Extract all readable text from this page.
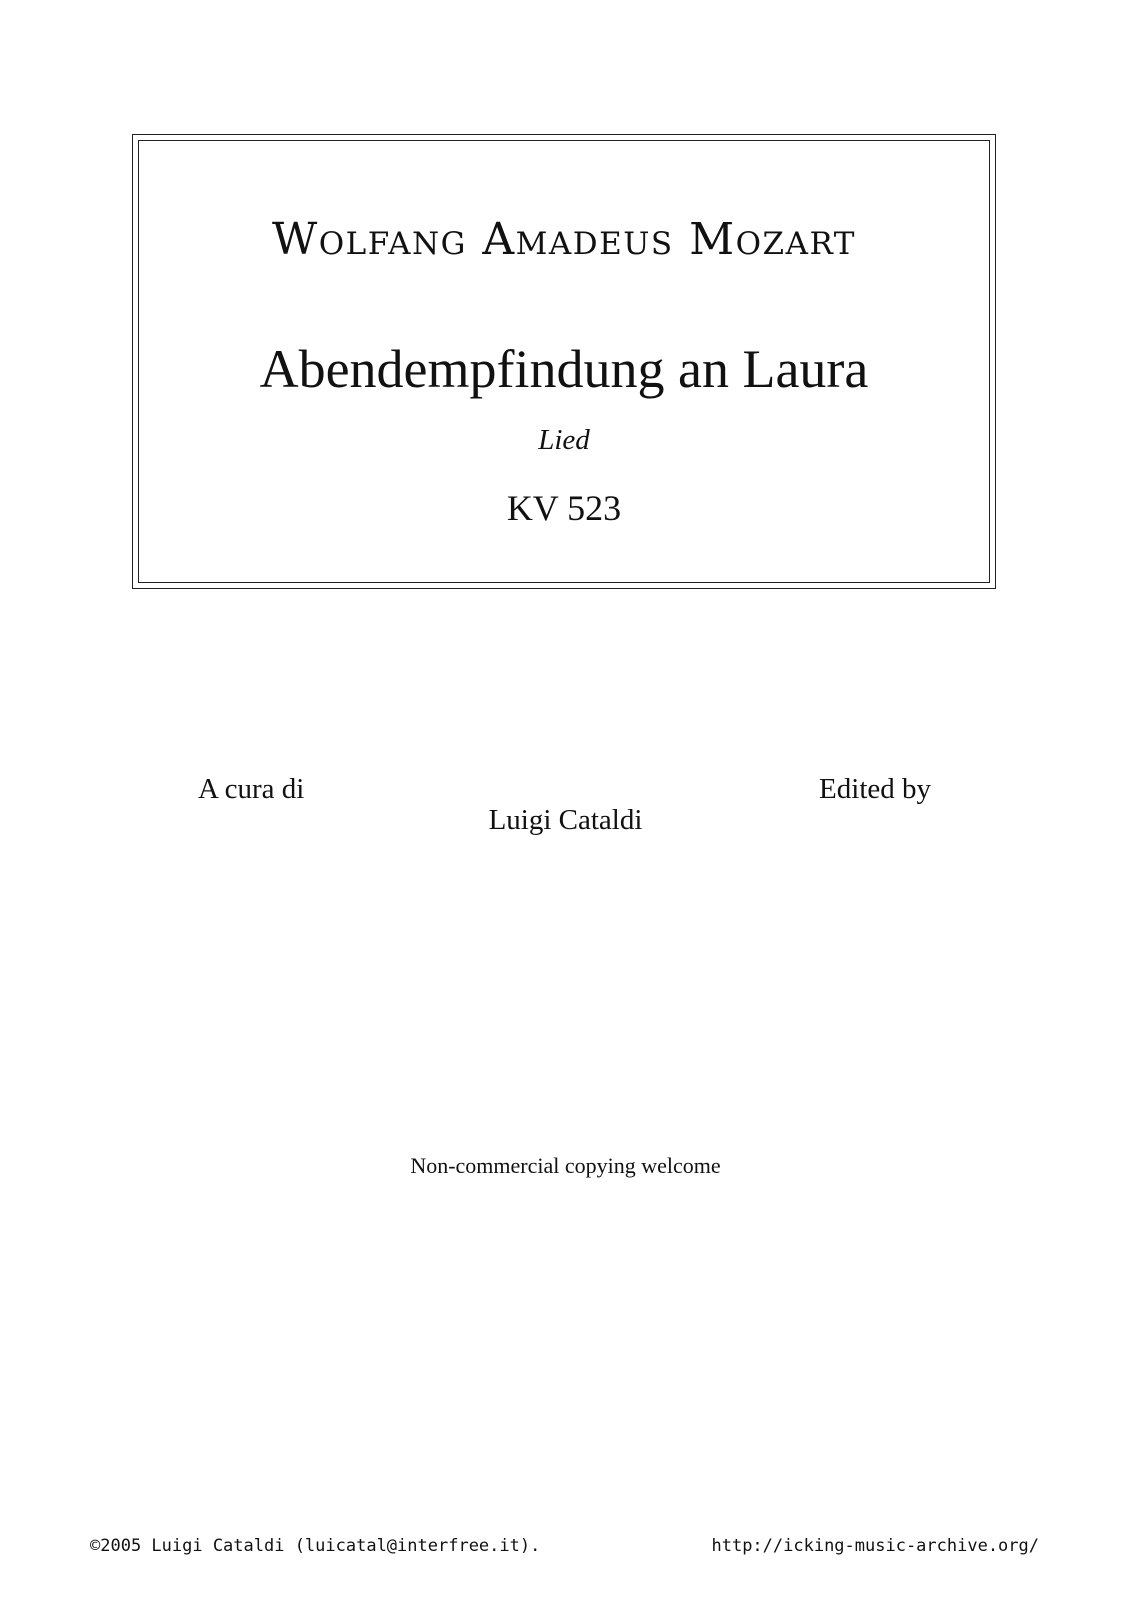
Wolfang Amadeus Mozart
Abendempfindung an Laura
Lied
KV 523
A cura di	Edited by
Luigi Cataldi
Non-commercial copying welcome
©2005 Luigi Cataldi (luicatal@interfree.it).	http://icking-music-archive.org/
